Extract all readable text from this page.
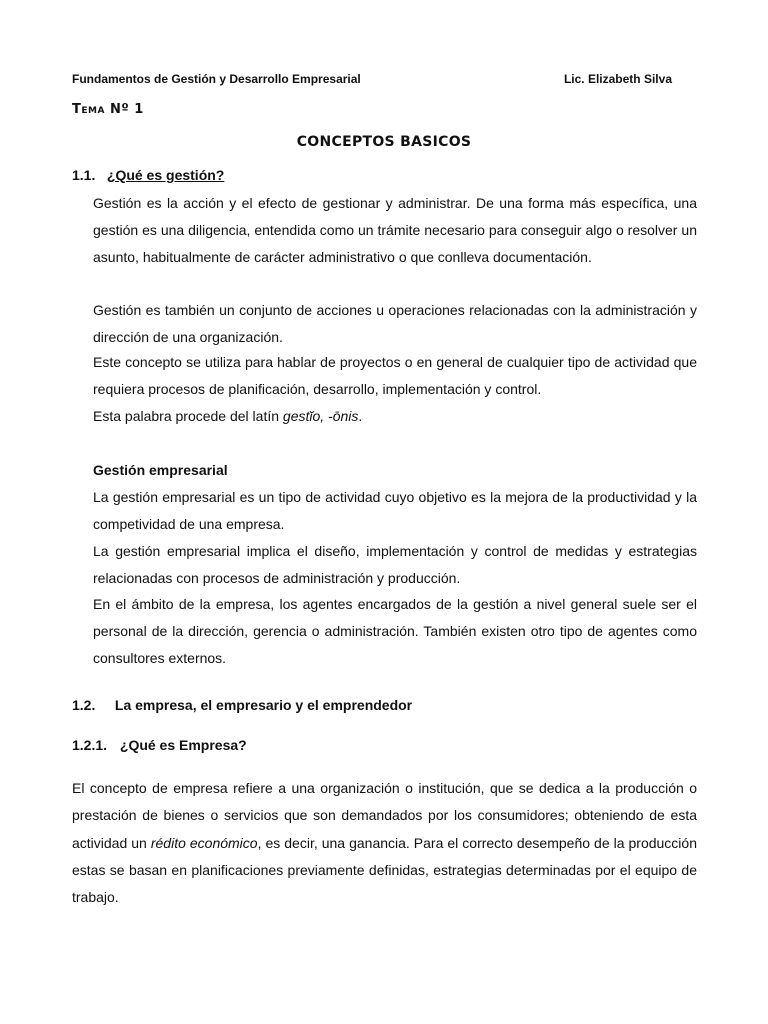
Fundamentos de Gestión y Desarrollo Empresarial	Lic. Elizabeth Silva
Tema Nº 1
CONCEPTOS BASICOS
1.1. ¿Qué es gestión?

Gestión es la acción y el efecto de gestionar y administrar. De una forma más específica, una gestión es una diligencia, entendida como un trámite necesario para conseguir algo o resolver un asunto, habitualmente de carácter administrativo o que conlleva documentación.

Gestión es también un conjunto de acciones u operaciones relacionadas con la administración y dirección de una organización.

Este concepto se utiliza para hablar de proyectos o en general de cualquier tipo de actividad que requiera procesos de planificación, desarrollo, implementación y control.

Esta palabra procede del latín gestĭo, -ōnis.

Gestión empresarial

La gestión empresarial es un tipo de actividad cuyo objetivo es la mejora de la productividad y la competividad de una empresa.

La gestión empresarial implica el diseño, implementación y control de medidas y estrategias relacionadas con procesos de administración y producción.

En el ámbito de la empresa, los agentes encargados de la gestión a nivel general suele ser el personal de la dirección, gerencia o administración. También existen otro tipo de agentes como consultores externos.

1.2. La empresa, el empresario y el emprendedor
1.2.1. ¿Qué es Empresa?

El concepto de empresa refiere a una organización o institución, que se dedica a la producción o prestación de bienes o servicios que son demandados por los consumidores; obteniendo de esta actividad un rédito económico, es decir, una ganancia. Para el correcto desempeño de la producción estas se basan en planificaciones previamente definidas, estrategias determinadas por el equipo de trabajo.
